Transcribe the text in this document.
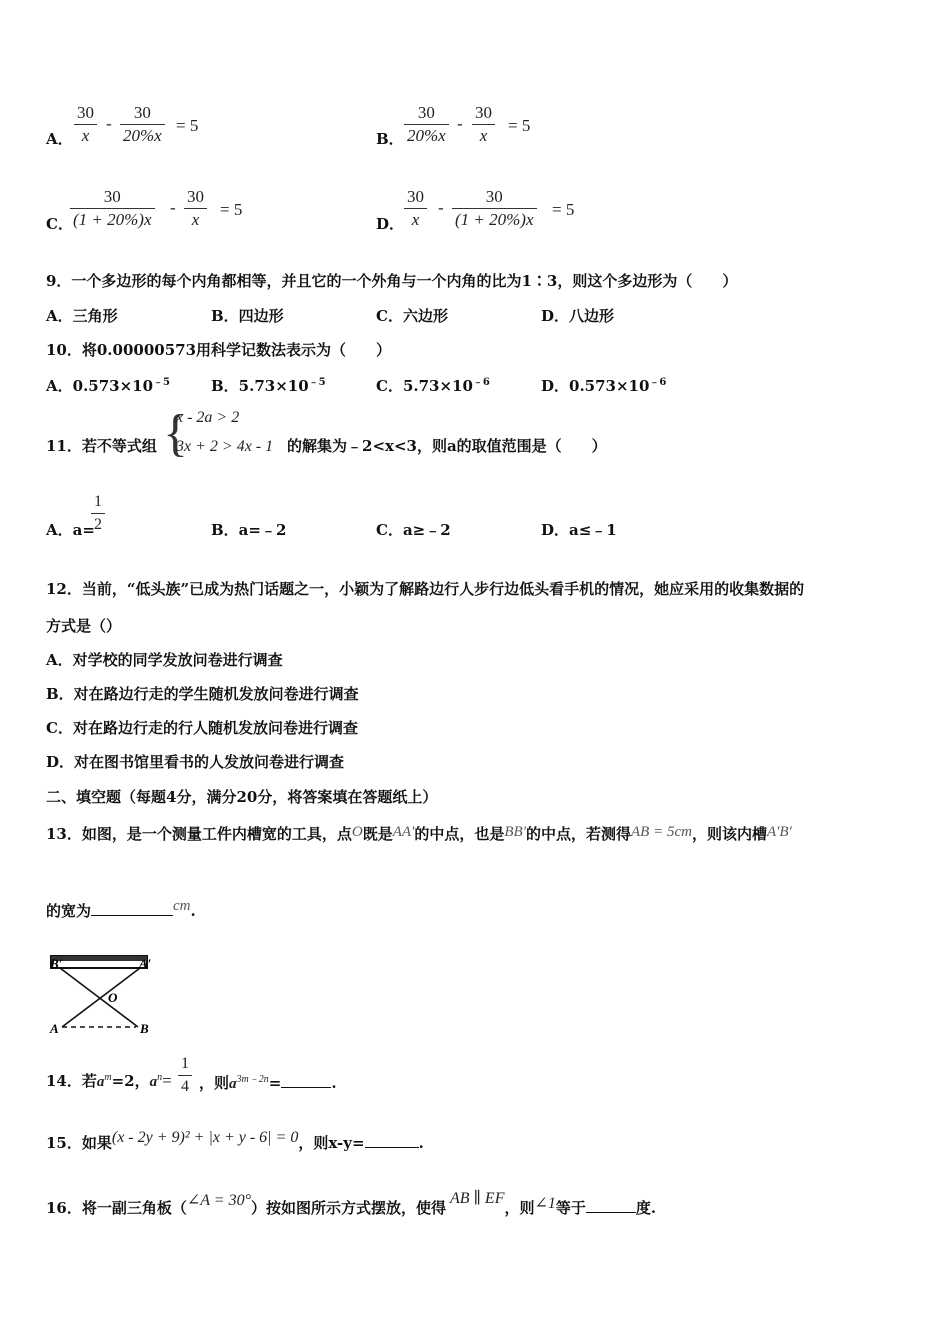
A． $\frac{30}{x} - \frac{30}{20\%x} = 5$
B． $\frac{30}{20\%x} - \frac{30}{x} = 5$
C．
$\frac{30}{(1 + 20\%)x} - \frac{30}{x} = 5$
D． $\frac{30}{x} - \frac{30}{(1 + 20\%)x} = 5$
9．一个多边形的每个内角都相等，并且它的一个外角与一个内角的比为1∶3，则这个多边形为（　　）
A．三角形	B．四边形	C．六边形	D．八边形
10．将0.00000573用科学记数法表示为（　　）
A．$0.573\times 10^{﹣5}$	B．$5.73\times 10^{﹣5}$	C．$5.73\times 10^{﹣6}$	D．$0.573\times 10^{﹣6}$
11．若不等式组 {
x - 2a > 2
3x + 2 > 4x - 1 的解集为﹣2<x<3，则a的取值范围是（　　）
A．a=
$\frac{1}{2}$	B．a=﹣2	C．a≥﹣2	D．a≤﹣1
12．当前，“低头族”已成为热门话题之一，小颖为了解路边行人步行边低头看手机的情况，她应采用的收集数据的
方式是（）
A．对学校的同学发放问卷进行调查
B．对在路边行走的学生随机发放问卷进行调查
C．对在路边行走的行人随机发放问卷进行调查
D．对在图书馆里看书的人发放问卷进行调查
二、填空题（每题4分，满分20分，将答案填在答题纸上）
13．如图，是一个测量工件内槽宽的工具，点O既是AA′的中点，也是BB′的中点，若测得AB = 5cm，则该内槽A′B′
的宽为	cm.
B′	A′
O
A	B
14．若$a^m=2$，$a^n= \frac{1}{4}$ ，则$a^{3m﹣2n}=$	.
15．如果(x - 2y + 9)² + |x + y - 6| = 0，则x-y=	.
16．将一副三角板（∠A = 30°）按如图所示方式摆放，使得AB ∥ EF，则∠1等于	度.
